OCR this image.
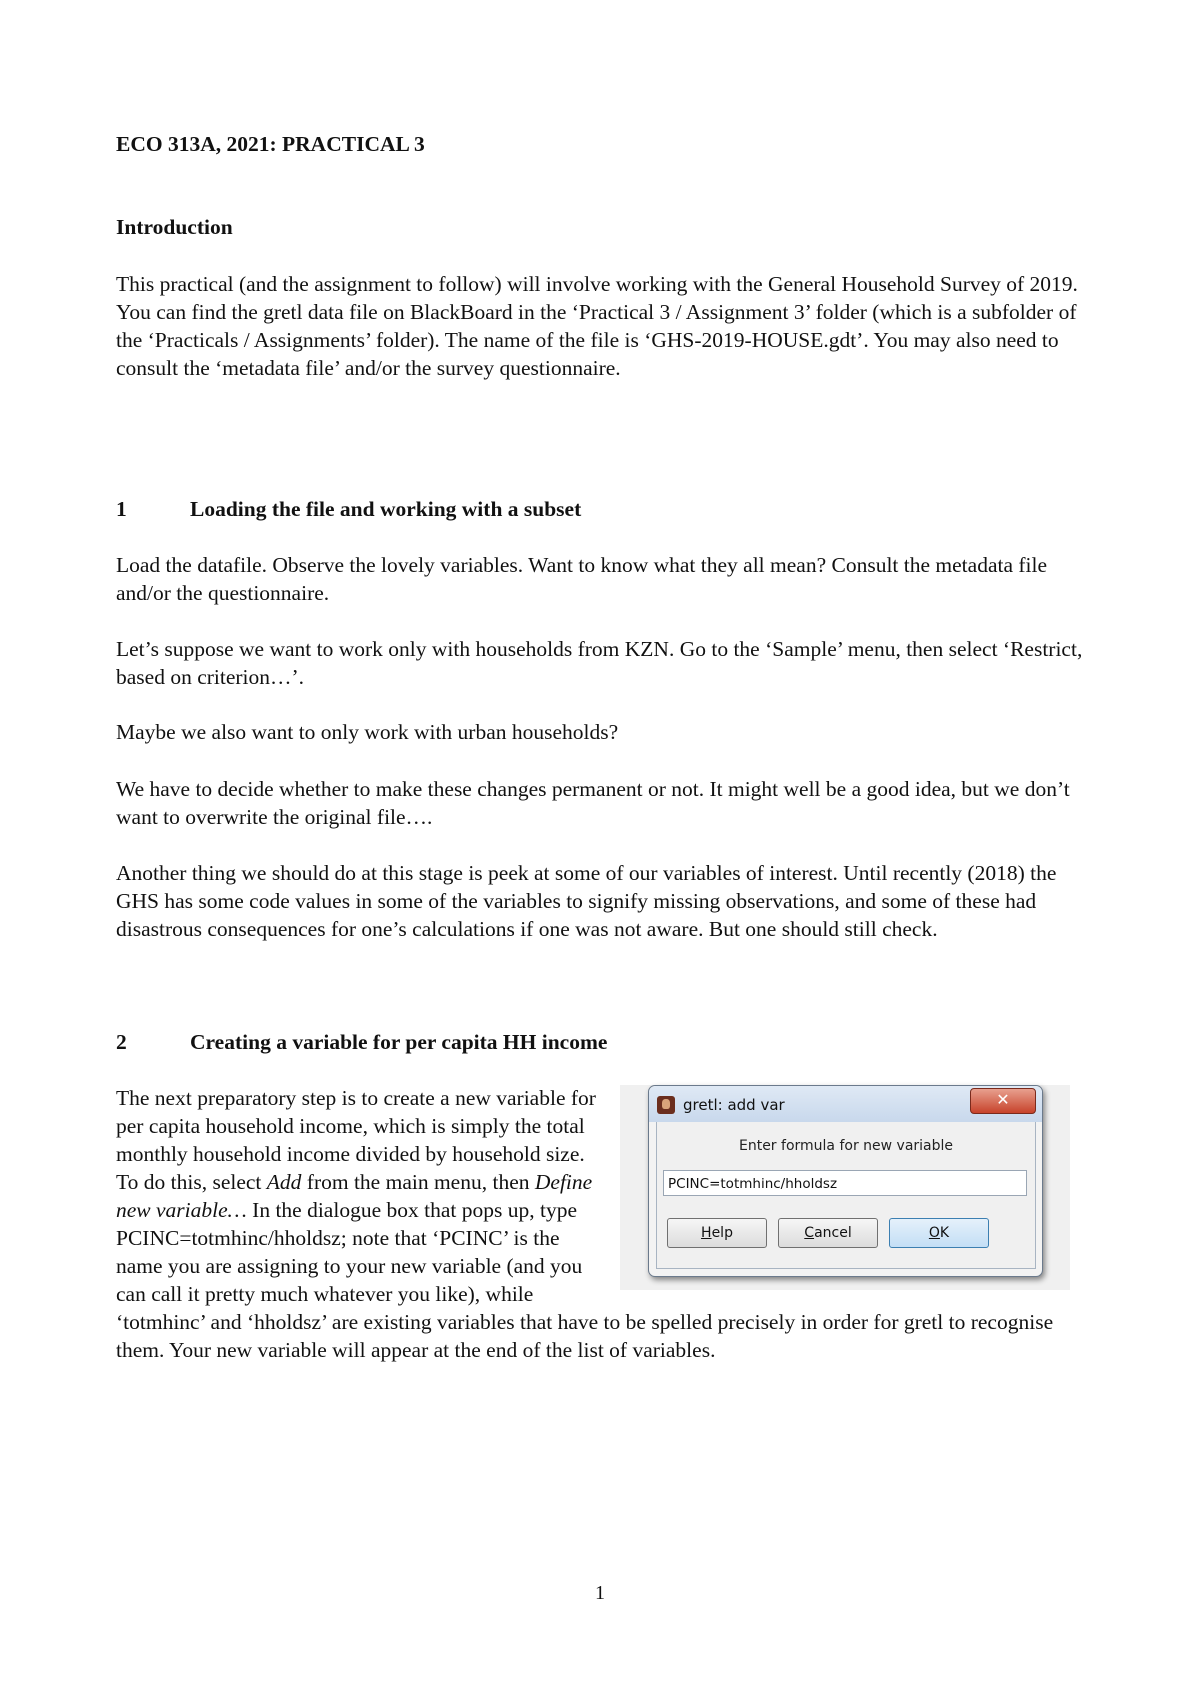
ECO 313A, 2021: PRACTICAL 3

Introduction

This practical (and the assignment to follow) will involve working with the General Household Survey of 2019. You can find the gretl data file on BlackBoard in the ‘Practical 3 / Assignment 3’ folder (which is a subfolder of the ‘Practicals / Assignments’ folder). The name of the file is ‘GHS-2019-HOUSE.gdt’. You may also need to consult the ‘metadata file’ and/or the survey questionnaire.

1	Loading the file and working with a subset

Load the datafile. Observe the lovely variables. Want to know what they all mean? Consult the metadata file and/or the questionnaire.

Let’s suppose we want to work only with households from KZN. Go to the ‘Sample’ menu, then select ‘Restrict, based on criterion…’.

Maybe we also want to only work with urban households?

We have to decide whether to make these changes permanent or not. It might well be a good idea, but we don’t want to overwrite the original file….

Another thing we should do at this stage is peek at some of our variables of interest. Until recently (2018) the GHS has some code values in some of the variables to signify missing observations, and some of these had disastrous consequences for one’s calculations if one was not aware. But one should still check.

2	Creating a variable for per capita HH income

The next preparatory step is to create a new variable for per capita household income, which is simply the total monthly household income divided by household size. To do this, select Add from the main menu, then Define new variable… In the dialogue box that pops up, type PCINC=totmhinc/hholdsz; note that ‘PCINC’ is the name you are assigning to your new variable (and you can call it pretty much whatever you like), while ‘totmhinc’ and ‘hholdsz’ are existing variables that have to be spelled precisely in order for gretl to recognise them. Your new variable will appear at the end of the list of variables.

gretl: add var	✕
Enter formula for new variable
PCINC=totmhinc/hholdsz
Help	Cancel	OK
1
